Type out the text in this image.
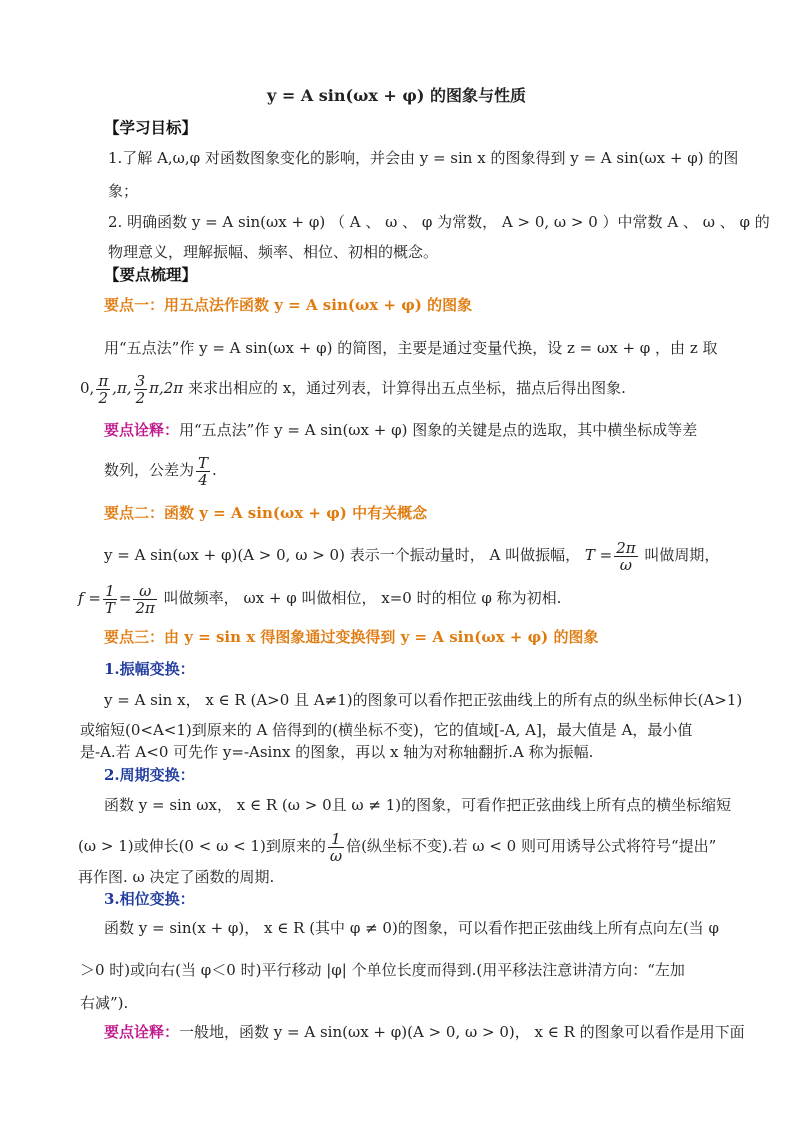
y = A sin(ωx + φ) 的图象与性质
【学习目标】
1.了解 A,ω,φ 对函数图象变化的影响，并会由 y = sin x 的图象得到 y = A sin(ωx + φ) 的图
象；
2. 明确函数 y = A sin(ωx + φ) （ A 、 ω 、 φ 为常数， A > 0, ω > 0 ）中常数 A 、 ω 、 φ 的
物理意义，理解振幅、频率、相位、初相的概念。
【要点梳理】
要点一：用五点法作函数 y = A sin(ωx + φ) 的图象
用“五点法”作 y = A sin(ωx + φ) 的简图，主要是通过变量代换，设 z = ωx + φ ，由 z 取
0, $\frac{\pi}{2} ,\pi$, $\frac{3}{2} \pi,2\pi$ 来求出相应的 x，通过列表，计算得出五点坐标，描点后得出图象.
要点诠释：用“五点法”作 y = A sin(ωx + φ) 图象的关键是点的选取，其中横坐标成等差
数列，公差为 $\frac{T}{4}$ .
要点二：函数 y = A sin(ωx + φ) 中有关概念
y = A sin(ωx + φ)(A > 0, ω > 0) 表示一个振动量时， A 叫做振幅， $T = \frac{2\pi}{\omega}$ 叫做周期，
$f = \frac{1}{T} = \frac{\omega}{2\pi}$ 叫做频率， ωx + φ 叫做相位， x=0 时的相位 φ 称为初相.
要点三：由 y = sin x 得图象通过变换得到 y = A sin(ωx + φ) 的图象
1.振幅变换：
y = A sin x， x ∈ R (A>0 且 A≠1)的图象可以看作把正弦曲线上的所有点的纵坐标伸长(A>1)
或缩短(0<A<1)到原来的 A 倍得到的(横坐标不变)，它的值域[-A, A]，最大值是 A，最小值
是-A.若 A<0 可先作 y=-Asinx 的图象，再以 x 轴为对称轴翻折.A 称为振幅.
2.周期变换：
函数 y = sin ωx， x ∈ R (ω > 0且 ω ≠ 1)的图象，可看作把正弦曲线上所有点的横坐标缩短
(ω > 1)或伸长(0 < ω < 1)到原来的 $\frac{1}{\omega}$ 倍(纵坐标不变).若 ω < 0 则可用诱导公式将符号“提出”
再作图. ω 决定了函数的周期.
3.相位变换：
函数 y = sin(x + φ)， x ∈ R (其中 φ ≠ 0)的图象，可以看作把正弦曲线上所有点向左(当 φ
＞0 时)或向右(当 φ＜0 时)平行移动 |φ| 个单位长度而得到.(用平移法注意讲清方向：“左加
右减”).
要点诠释：一般地，函数 y = A sin(ωx + φ)(A > 0, ω > 0)， x ∈ R 的图象可以看作是用下面
